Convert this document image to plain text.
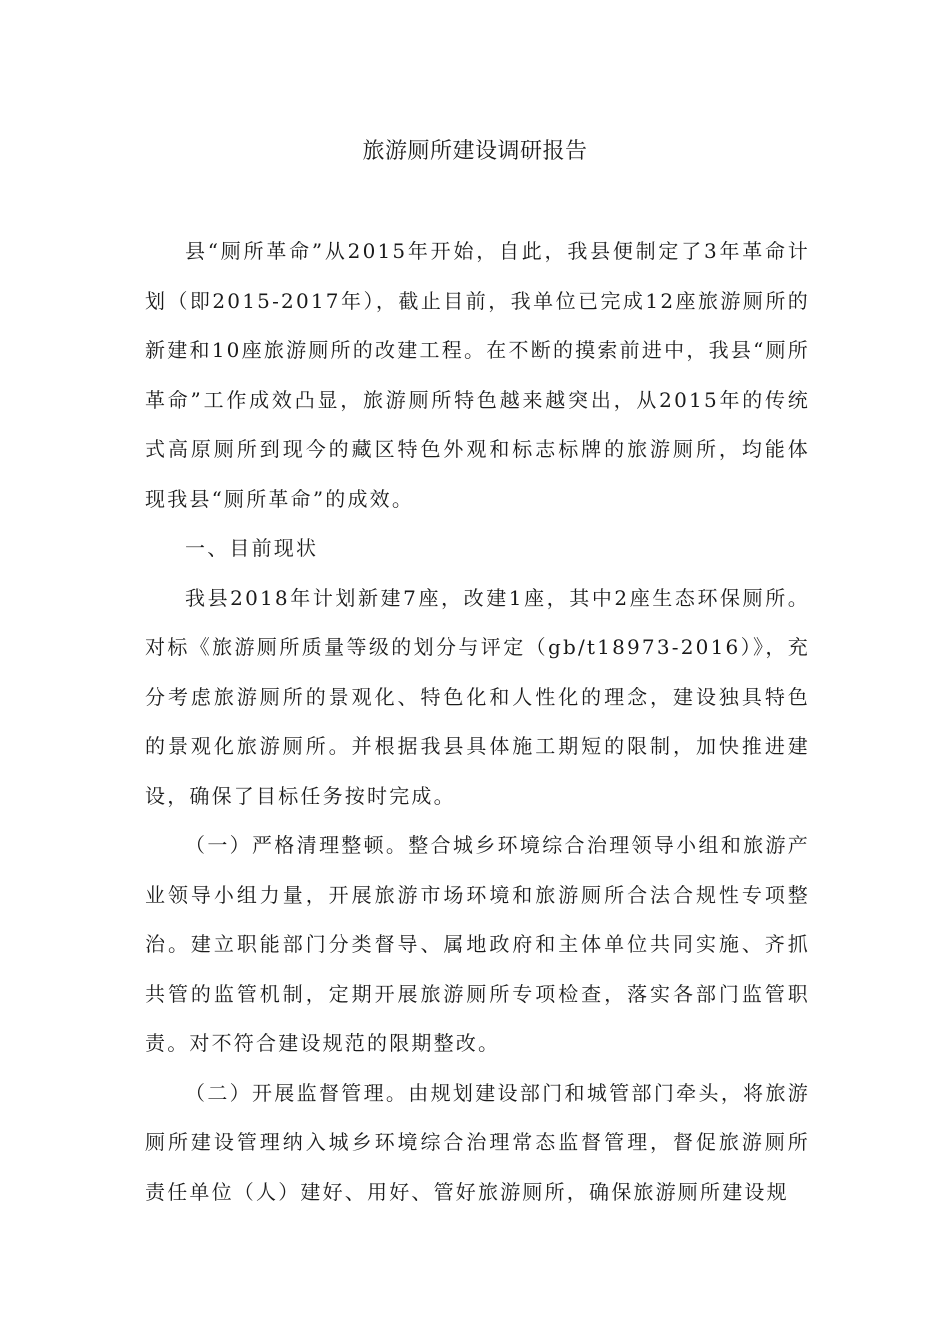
旅游厕所建设调研报告

县“厕所革命”从2015年开始，自此，我县便制定了3年革命计划（即2015-2017年），截止目前，我单位已完成12座旅游厕所的新建和10座旅游厕所的改建工程。在不断的摸索前进中，我县“厕所革命”工作成效凸显，旅游厕所特色越来越突出，从2015年的传统式高原厕所到现今的藏区特色外观和标志标牌的旅游厕所，均能体现我县“厕所革命”的成效。

一、目前现状

我县2018年计划新建7座，改建1座，其中2座生态环保厕所。对标《旅游厕所质量等级的划分与评定（gb/t18973-2016）》，充分考虑旅游厕所的景观化、特色化和人性化的理念，建设独具特色的景观化旅游厕所。并根据我县具体施工期短的限制，加快推进建设，确保了目标任务按时完成。

（一）严格清理整顿。整合城乡环境综合治理领导小组和旅游产业领导小组力量，开展旅游市场环境和旅游厕所合法合规性专项整治。建立职能部门分类督导、属地政府和主体单位共同实施、齐抓共管的监管机制，定期开展旅游厕所专项检查，落实各部门监管职责。对不符合建设规范的限期整改。

（二）开展监督管理。由规划建设部门和城管部门牵头，将旅游厕所建设管理纳入城乡环境综合治理常态监督管理，督促旅游厕所责任单位（人）建好、用好、管好旅游厕所，确保旅游厕所建设规
